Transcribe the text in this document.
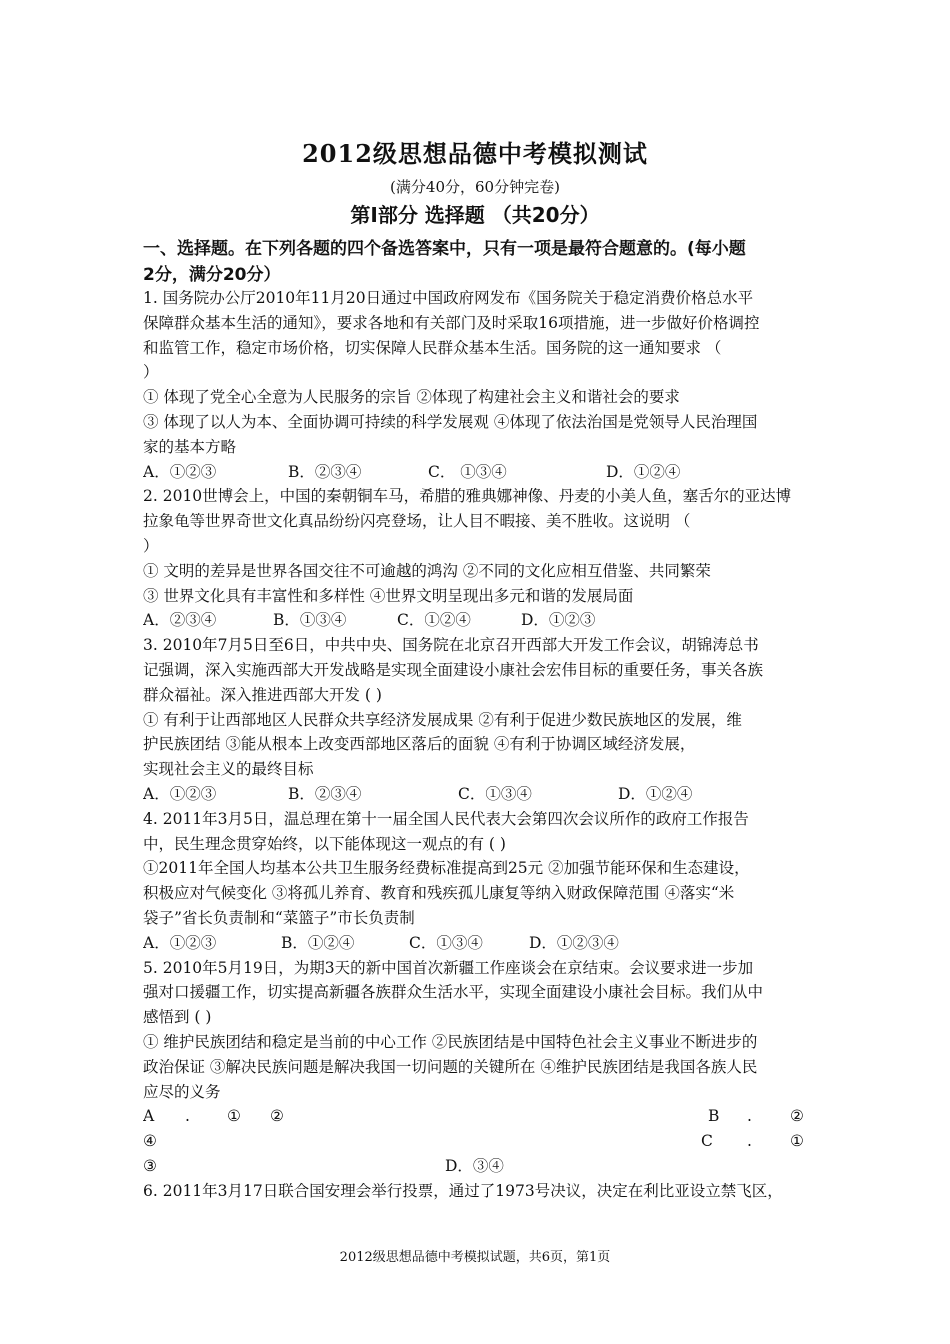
2012级思想品德中考模拟测试
(满分40分，60分钟完卷)
第Ⅰ部分 选择题 （共20分）
一、选择题。在下列各题的四个备选答案中，只有一项是最符合题意的。(每小题
2分，满分20分）
1. 国务院办公厅2010年11月20日通过中国政府网发布《国务院关于稳定消费价格总水平
保障群众基本生活的通知》，要求各地和有关部门及时采取16项措施，进一步做好价格调控
和监管工作，稳定市场价格，切实保障人民群众基本生活。国务院的这一通知要求 （
）
① 体现了党全心全意为人民服务的宗旨 ②体现了构建社会主义和谐社会的要求
③ 体现了以人为本、全面协调可持续的科学发展观 ④体现了依法治国是党领导人民治理国
家的基本方略
A．①②③	B．②③④	C． ①③④	D．①②④
2. 2010世博会上，中国的秦朝铜车马，希腊的雅典娜神像、丹麦的小美人鱼，塞舌尔的亚达博
拉象龟等世界奇世文化真品纷纷闪亮登场，让人目不暇接、美不胜收。这说明 （
）
① 文明的差异是世界各国交往不可逾越的鸿沟 ②不同的文化应相互借鉴、共同繁荣
③ 世界文化具有丰富性和多样性 ④世界文明呈现出多元和谐的发展局面
A．②③④	B．①③④	C．①②④	D．①②③
3. 2010年7月5日至6日，中共中央、国务院在北京召开西部大开发工作会议，胡锦涛总书
记强调，深入实施西部大开发战略是实现全面建设小康社会宏伟目标的重要任务，事关各族
群众福祉。深入推进西部大开发 ( )
① 有利于让西部地区人民群众共享经济发展成果 ②有利于促进少数民族地区的发展，维
护民族团结 ③能从根本上改变西部地区落后的面貌 ④有利于协调区域经济发展，
实现社会主义的最终目标
A．①②③	B．②③④	C．①③④	D．①②④
4. 2011年3月5日，温总理在第十一届全国人民代表大会第四次会议所作的政府工作报告
中，民生理念贯穿始终，以下能体现这一观点的有 ( )
①2011年全国人均基本公共卫生服务经费标准提高到25元 ②加强节能环保和生态建设，
积极应对气候变化 ③将孤儿养育、教育和残疾孤儿康复等纳入财政保障范围 ④落实“米
袋子”省长负责制和“菜篮子”市长负责制
A．①②③	B．①②④	C．①③④	D．①②③④
5. 2010年5月19日，为期3天的新中国首次新疆工作座谈会在京结束。会议要求进一步加
强对口援疆工作，切实提高新疆各族群众生活水平，实现全面建设小康社会目标。我们从中
感悟到 ( )
① 维护民族团结和稳定是当前的中心工作 ②民族团结是中国特色社会主义事业不断进步的
政治保证 ③解决民族问题是解决我国一切问题的关键所在 ④维护民族团结是我国各族人民
应尽的义务
A . ① ②	B . ②
④	C . ①
③	D．③④
6. 2011年3月17日联合国安理会举行投票，通过了1973号决议，决定在利比亚设立禁飞区，
2012级思想品德中考模拟试题，共6页，第1页
